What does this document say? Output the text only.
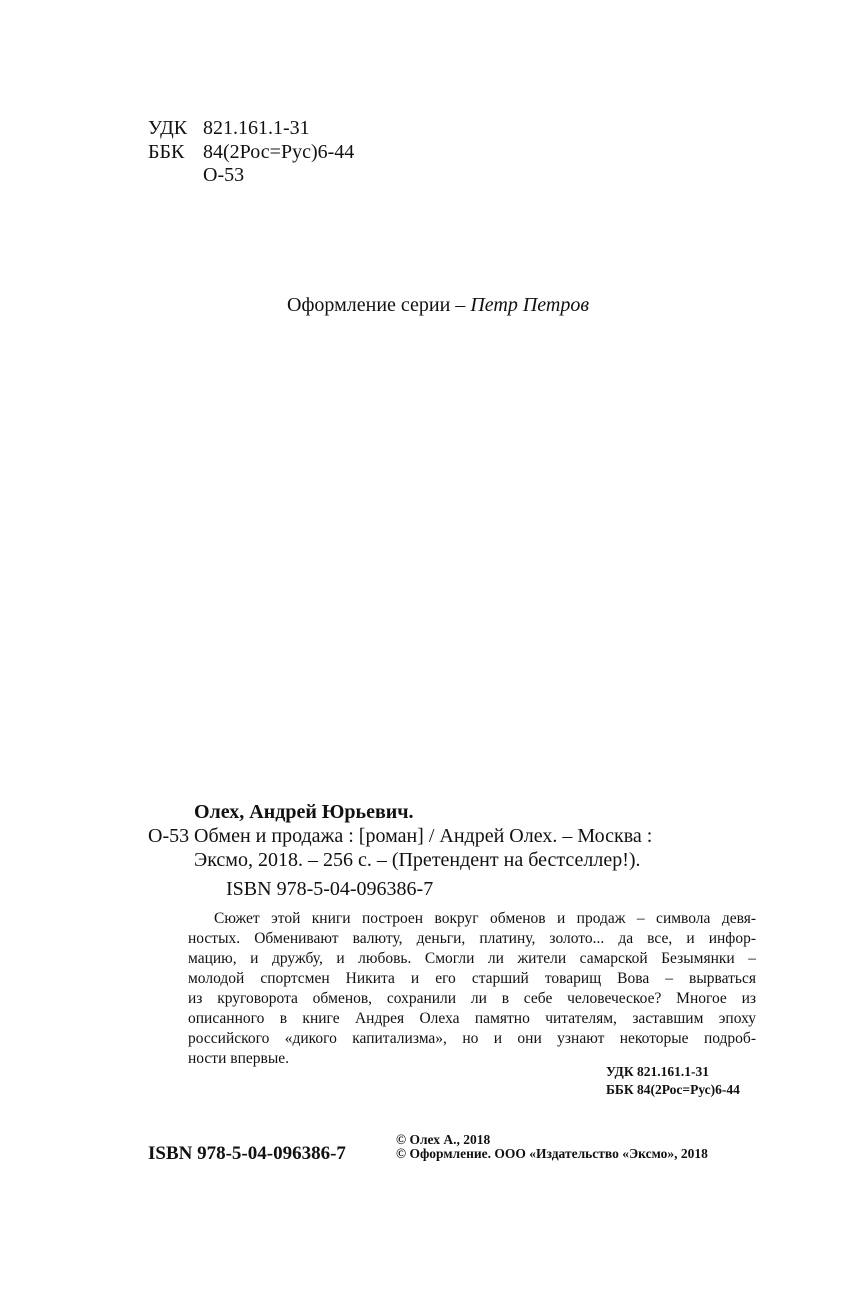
УДК 821.161.1-31
ББК 84(2Рос=Рус)6-44
О-53
Оформление серии – Петр Петров
Олех, Андрей Юрьевич.
О-53 Обмен и продажа : [роман] / Андрей Олех. – Москва :
Эксмо, 2018. – 256 с. – (Претендент на бестселлер!).
ISBN 978-5-04-096386-7
Сюжет этой книги построен вокруг обменов и продаж – символа девя-
ностых. Обменивают валюту, деньги, платину, золото... да все, и инфор-
мацию, и дружбу, и любовь. Смогли ли жители самарской Безымянки –
молодой спортсмен Никита и его старший товарищ Вова – вырваться
из круговорота обменов, сохранили ли в себе человеческое? Многое из
описанного в книге Андрея Олеха памятно читателям, заставшим эпоху
российского «дикого капитализма», но и они узнают некоторые подроб-
ности впервые.
УДК 821.161.1-31
ББК 84(2Рос=Рус)6-44
ISBN 978-5-04-096386-7
© Олех А., 2018
© Оформление. ООО «Издательство «Эксмо», 2018
